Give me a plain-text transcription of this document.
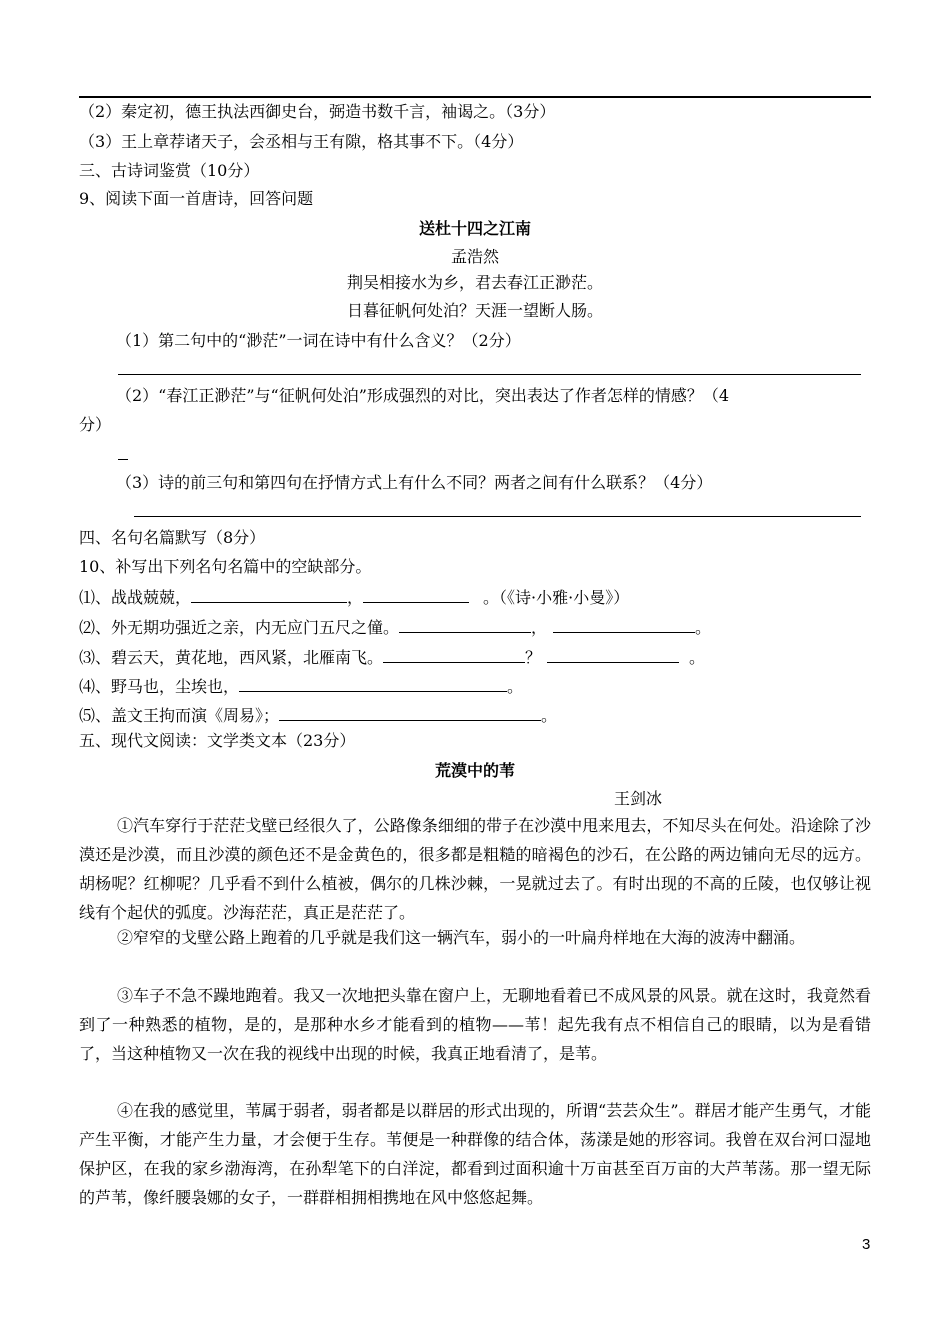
（2）秦定初，德王执法西御史台，弼造书数千言，袖谒之。（3分）
（3）王上章荐诸天子，会丞相与王有隙，格其事不下。（4分）
三、古诗词鉴赏（10分）
9、阅读下面一首唐诗，回答问题
送杜十四之江南
孟浩然
荆吴相接水为乡，君去春江正渺茫。
日暮征帆何处泊？天涯一望断人肠。
（1）第二句中的“渺茫”一词在诗中有什么含义？（2分）
（2）“春江正渺茫”与“征帆何处泊”形成强烈的对比，突出表达了作者怎样的情感？（4
分）
（3）诗的前三句和第四句在抒情方式上有什么不同？两者之间有什么联系？（4分）
四、名句名篇默写（8分）
10、补写出下列名句名篇中的空缺部分。
⑴、战战兢兢，	，	。（《诗·小雅·小曼》）
⑵、外无期功强近之亲，内无应门五尺之僮。	，	。
⑶、碧云天，黄花地，西风紧，北雁南飞。	？	。
⑷、野马也，尘埃也，	。
⑸、盖文王拘而演《周易》；	。
五、现代文阅读：文学类文本（23分）
荒漠中的苇
王剑冰
①汽车穿行于茫茫戈壁已经很久了，公路像条细细的带子在沙漠中甩来甩去，不知尽头在何处。沿途除了沙漠还是沙漠，而且沙漠的颜色还不是金黄色的，很多都是粗糙的暗褐色的沙石，在公路的两边铺向无尽的远方。胡杨呢？红柳呢？几乎看不到什么植被，偶尔的几株沙棘，一晃就过去了。有时出现的不高的丘陵，也仅够让视线有个起伏的弧度。沙海茫茫，真正是茫茫了。
②窄窄的戈壁公路上跑着的几乎就是我们这一辆汽车，弱小的一叶扁舟样地在大海的波涛中翻涌。
③车子不急不躁地跑着。我又一次地把头靠在窗户上，无聊地看着已不成风景的风景。就在这时，我竟然看到了一种熟悉的植物，是的，是那种水乡才能看到的植物——苇！起先我有点不相信自己的眼睛，以为是看错了，当这种植物又一次在我的视线中出现的时候，我真正地看清了，是苇。
④在我的感觉里，苇属于弱者，弱者都是以群居的形式出现的，所谓“芸芸众生”。群居才能产生勇气，才能产生平衡，才能产生力量，才会便于生存。苇便是一种群像的结合体，荡漾是她的形容词。我曾在双台河口湿地保护区，在我的家乡渤海湾，在孙犁笔下的白洋淀，都看到过面积逾十万亩甚至百万亩的大芦苇荡。那一望无际的芦苇，像纤腰袅娜的女子，一群群相拥相携地在风中悠悠起舞。
3
